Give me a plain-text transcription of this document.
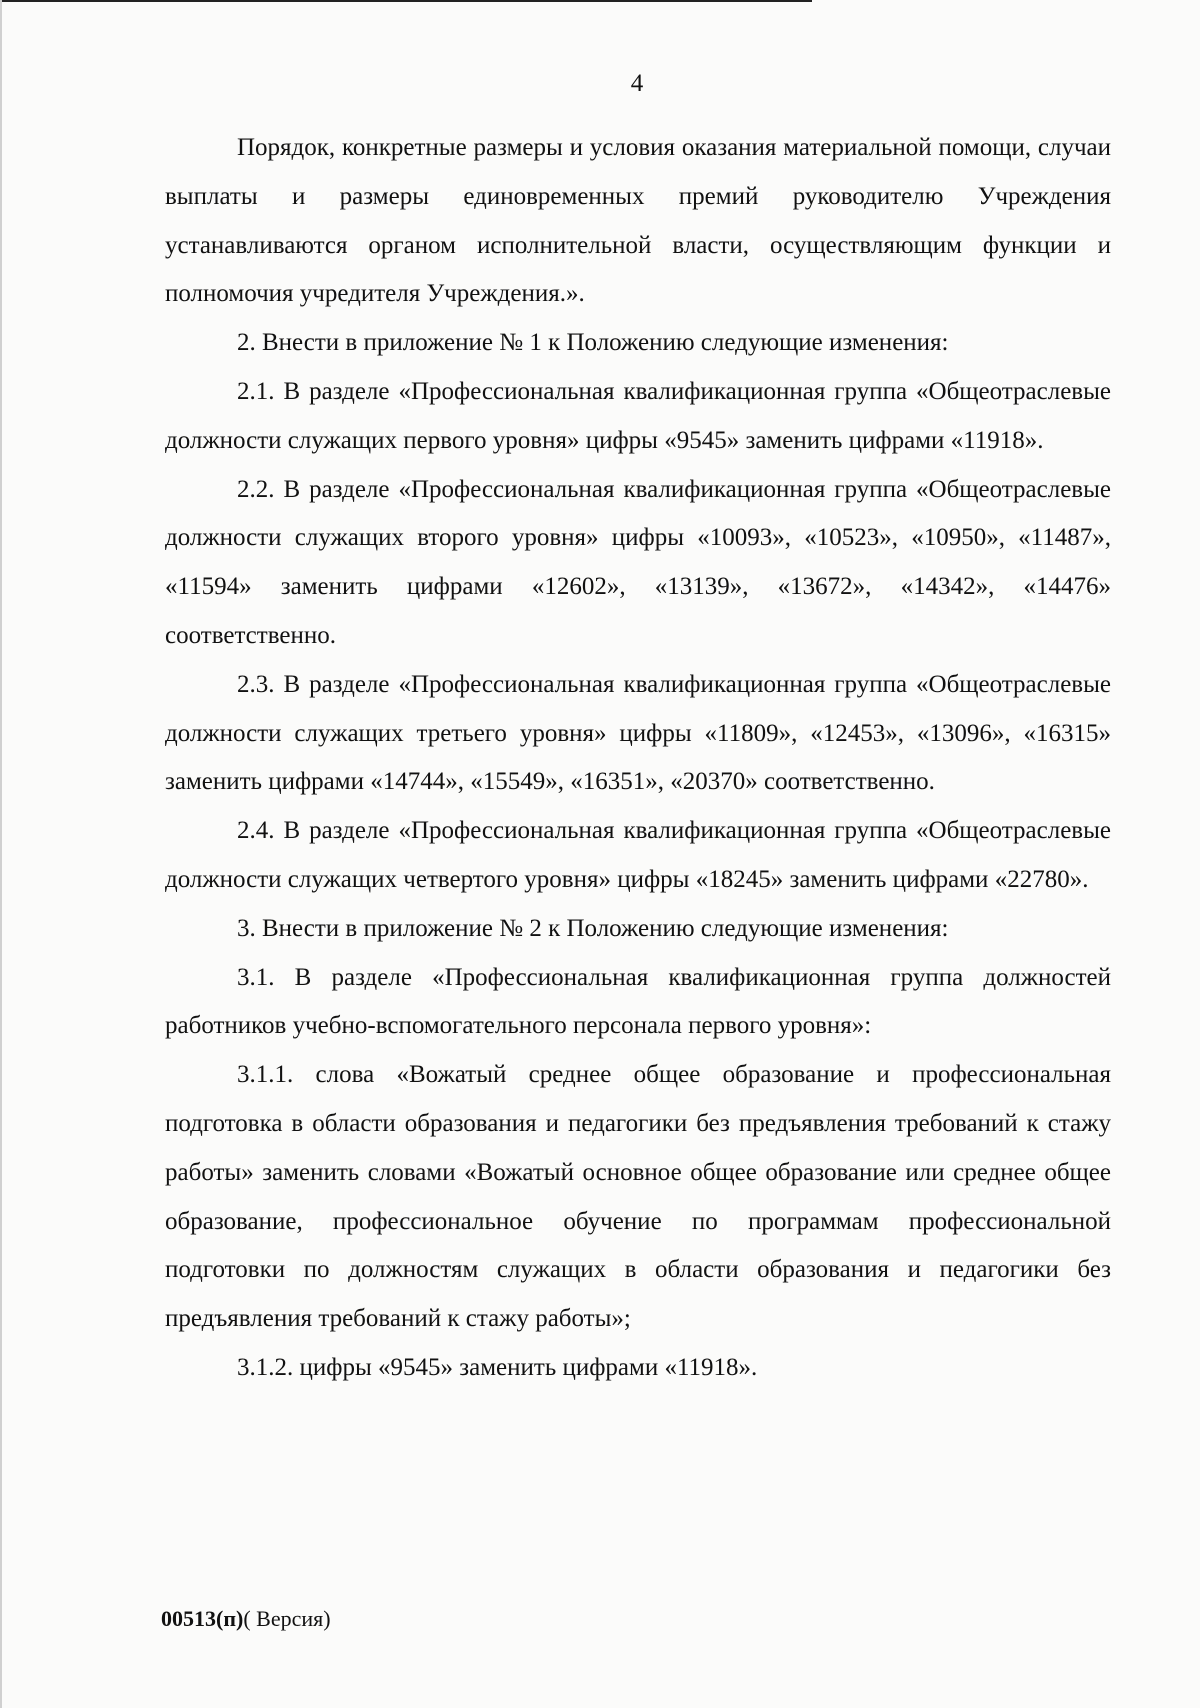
4

Порядок, конкретные размеры и условия оказания материальной помощи, случаи выплаты и размеры единовременных премий руководителю Учреждения устанавливаются органом исполнительной власти, осуществляющим функции и полномочия учредителя Учреждения.».

2. Внести в приложение № 1 к Положению следующие изменения:

2.1. В разделе «Профессиональная квалификационная группа «Общеотраслевые должности служащих первого уровня» цифры «9545» заменить цифрами «11918».

2.2. В разделе «Профессиональная квалификационная группа «Общеотраслевые должности служащих второго уровня» цифры «10093», «10523», «10950», «11487», «11594» заменить цифрами «12602», «13139», «13672», «14342», «14476» соответственно.

2.3. В разделе «Профессиональная квалификационная группа «Общеотраслевые должности служащих третьего уровня» цифры «11809», «12453», «13096», «16315» заменить цифрами «14744», «15549», «16351», «20370» соответственно.

2.4. В разделе «Профессиональная квалификационная группа «Общеотраслевые должности служащих четвертого уровня» цифры «18245» заменить цифрами «22780».

3. Внести в приложение № 2 к Положению следующие изменения:

3.1. В разделе «Профессиональная квалификационная группа должностей работников учебно-вспомогательного персонала первого уровня»:

3.1.1. слова «Вожатый среднее общее образование и профессиональная подготовка в области образования и педагогики без предъявления требований к стажу работы» заменить словами «Вожатый основное общее образование или среднее общее образование, профессиональное обучение по программам профессиональной подготовки по должностям служащих в области образования и педагогики без предъявления требований к стажу работы»;

3.1.2. цифры «9545» заменить цифрами «11918».

00513(п)( Версия)
